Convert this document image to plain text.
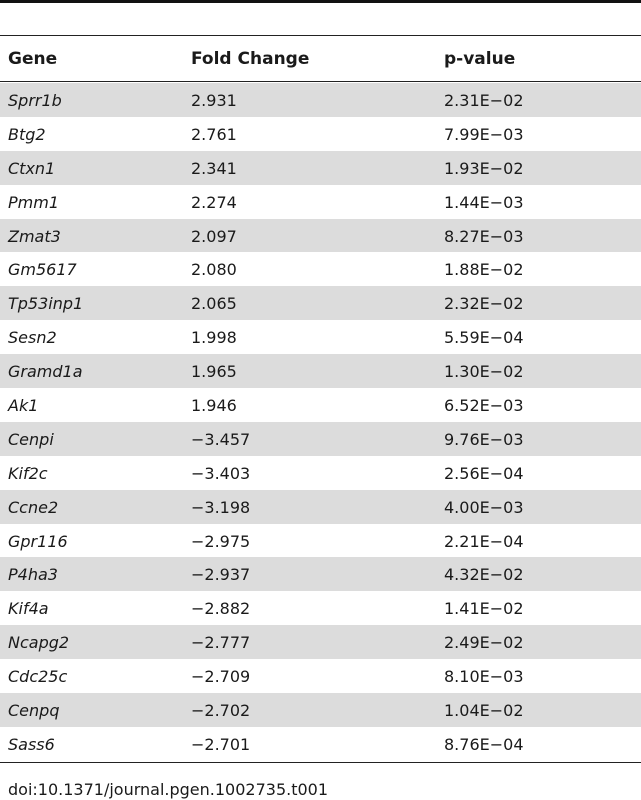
Gene	Fold Change	p-value
Sprr1b	2.931	2.31E−02
Btg2	2.761	7.99E−03
Ctxn1	2.341	1.93E−02
Pmm1	2.274	1.44E−03
Zmat3	2.097	8.27E−03
Gm5617	2.080	1.88E−02
Tp53inp1	2.065	2.32E−02
Sesn2	1.998	5.59E−04
Gramd1a	1.965	1.30E−02
Ak1	1.946	6.52E−03
Cenpi	−3.457	9.76E−03
Kif2c	−3.403	2.56E−04
Ccne2	−3.198	4.00E−03
Gpr116	−2.975	2.21E−04
P4ha3	−2.937	4.32E−02
Kif4a	−2.882	1.41E−02
Ncapg2	−2.777	2.49E−02
Cdc25c	−2.709	8.10E−03
Cenpq	−2.702	1.04E−02
Sass6	−2.701	8.76E−04
doi:10.1371/journal.pgen.1002735.t001
